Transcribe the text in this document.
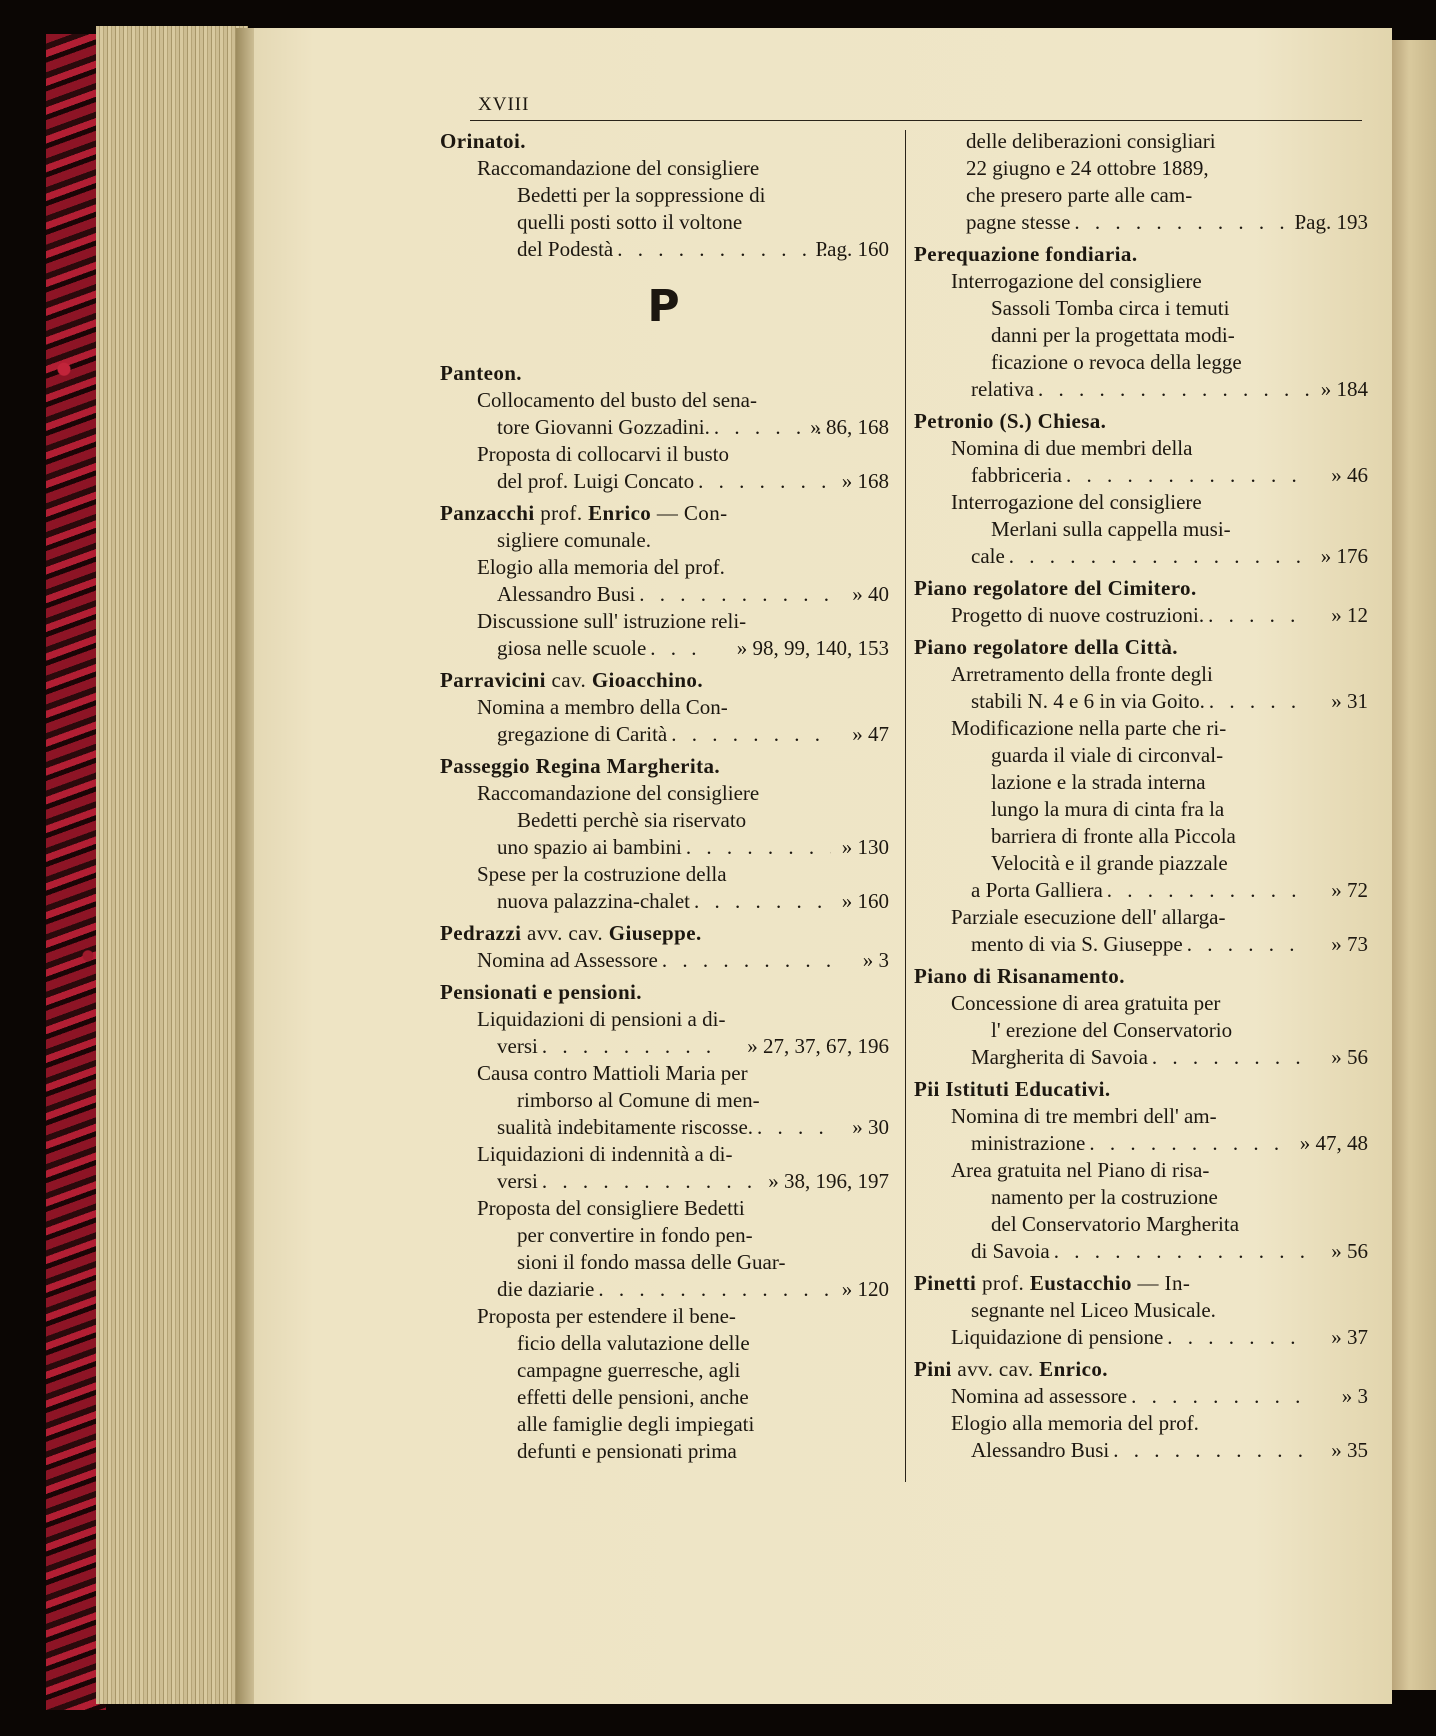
XVIII
Orinatoi.
Raccomandazione del consigliere
Bedetti per la soppressione di
quelli posti sotto il voltone
del Podestà . . .	Pag. 160
P
Panteon.
Collocamento del busto del sena-
tore Giovanni Gozzadini. . . .	» 86, 168
Proposta di collocarvi il busto
del prof. Luigi Concato . . .	» 168
Panzacchi prof. Enrico — Con-
sigliere comunale.
Elogio alla memoria del prof.
Alessandro Busi . . .	» 40
Discussione sull' istruzione reli-
giosa nelle scuole . . .	» 98, 99, 140, 153
Parravicini cav. Gioacchino.
Nomina a membro della Con-
gregazione di Carità . . .	» 47
Passeggio Regina Margherita.
Raccomandazione del consigliere
Bedetti perchè sia riservato
uno spazio ai bambini . . .	» 130
Spese per la costruzione della
nuova palazzina-chalet . . .	» 160
Pedrazzi avv. cav. Giuseppe.
Nomina ad Assessore . . .	» 3
Pensionati e pensioni.
Liquidazioni di pensioni a di-
versi . . .	» 27, 37, 67, 196
Causa contro Mattioli Maria per
rimborso al Comune di men-
sualità indebitamente riscosse. . . .	» 30
Liquidazioni di indennità a di-
versi . . .	» 38, 196, 197
Proposta del consigliere Bedetti
per convertire in fondo pen-
sioni il fondo massa delle Guar-
die daziarie . . .	» 120
Proposta per estendere il bene-
ficio della valutazione delle
campagne guerresche, agli
effetti delle pensioni, anche
alle famiglie degli impiegati
defunti e pensionati prima
delle deliberazioni consigliari
22 giugno e 24 ottobre 1889,
che presero parte alle cam-
pagne stesse . . .	Pag. 193
Perequazione fondiaria.
Interrogazione del consigliere
Sassoli Tomba circa i temuti
danni per la progettata modi-
ficazione o revoca della legge
relativa . . .	» 184
Petronio (S.) Chiesa.
Nomina di due membri della
fabbriceria . . .	» 46
Interrogazione del consigliere
Merlani sulla cappella musi-
cale . . .	» 176
Piano regolatore del Cimitero.
Progetto di nuove costruzioni. . . .	» 12
Piano regolatore della Città.
Arretramento della fronte degli
stabili N. 4 e 6 in via Goito. . . .	» 31
Modificazione nella parte che ri-
guarda il viale di circonval-
lazione e la strada interna
lungo la mura di cinta fra la
barriera di fronte alla Piccola
Velocità e il grande piazzale
a Porta Galliera . . .	» 72
Parziale esecuzione dell' allarga-
mento di via S. Giuseppe . . .	» 73
Piano di Risanamento.
Concessione di area gratuita per
l' erezione del Conservatorio
Margherita di Savoia . . .	» 56
Pii Istituti Educativi.
Nomina di tre membri dell' am-
ministrazione . . .	» 47, 48
Area gratuita nel Piano di risa-
namento per la costruzione
del Conservatorio Margherita
di Savoia . . .	» 56
Pinetti prof. Eustacchio — In-
segnante nel Liceo Musicale.
Liquidazione di pensione . . .	» 37
Pini avv. cav. Enrico.
Nomina ad assessore . . .	» 3
Elogio alla memoria del prof.
Alessandro Busi . . .	» 35
